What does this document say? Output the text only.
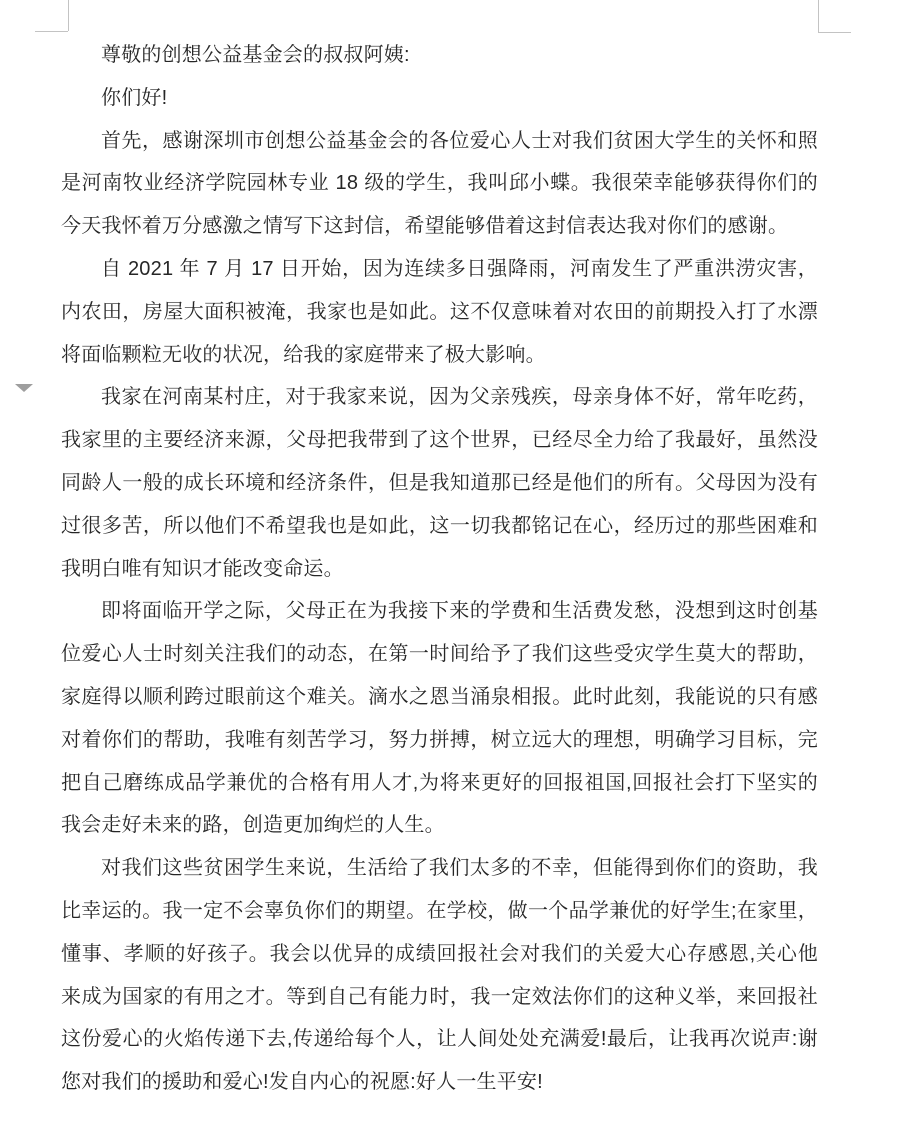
尊敬的创想公益基金会的叔叔阿姨:
你们好!
首先，感谢深圳市创想公益基金会的各位爱心人士对我们贫困大学生的关怀和照
是河南牧业经济学院园林专业 18 级的学生，我叫邱小蝶。我很荣幸能够获得你们的
今天我怀着万分感激之情写下这封信，希望能够借着这封信表达我对你们的感谢。
自 2021 年 7 月 17 日开始，因为连续多日强降雨，河南发生了严重洪涝灾害，
内农田，房屋大面积被淹，我家也是如此。这不仅意味着对农田的前期投入打了水漂
将面临颗粒无收的状况，给我的家庭带来了极大影响。
我家在河南某村庄，对于我家来说，因为父亲残疾，母亲身体不好，常年吃药，
我家里的主要经济来源，父母把我带到了这个世界，已经尽全力给了我最好，虽然没
同龄人一般的成长环境和经济条件，但是我知道那已经是他们的所有。父母因为没有
过很多苦，所以他们不希望我也是如此，这一切我都铭记在心，经历过的那些困难和
我明白唯有知识才能改变命运。
即将面临开学之际，父母正在为我接下来的学费和生活费发愁，没想到这时创基
位爱心人士时刻关注我们的动态，在第一时间给予了我们这些受灾学生莫大的帮助，
家庭得以顺利跨过眼前这个难关。滴水之恩当涌泉相报。此时此刻，我能说的只有感
对着你们的帮助，我唯有刻苦学习，努力拼搏，树立远大的理想，明确学习目标，完
把自己磨练成品学兼优的合格有用人才,为将来更好的回报祖国,回报社会打下坚实的
我会走好未来的路，创造更加绚烂的人生。
对我们这些贫困学生来说，生活给了我们太多的不幸，但能得到你们的资助，我
比幸运的。我一定不会辜负你们的期望。在学校，做一个品学兼优的好学生;在家里，
懂事、孝顺的好孩子。我会以优异的成绩回报社会对我们的关爱大心存感恩,关心他
来成为国家的有用之才。等到自己有能力时，我一定效法你们的这种义举，来回报社
这份爱心的火焰传递下去,传递给每个人，让人间处处充满爱!最后，让我再次说声:谢
您对我们的援助和爱心!发自内心的祝愿:好人一生平安!
